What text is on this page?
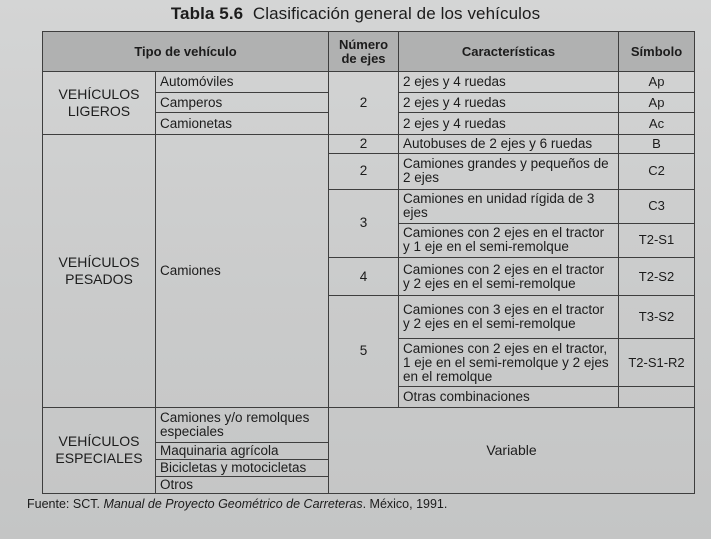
Tabla 5.6 Clasificación general de los vehículos
Tipo de vehículo		Número de ejes	Características	Símbolo
VEHÍCULOS LIGEROS	Automóviles	2	2 ejes y 4 ruedas	Ap
	Camperos		2 ejes y 4 ruedas	Ap
	Camionetas		2 ejes y 4 ruedas	Ac
VEHÍCULOS PESADOS	Camiones	2	Autobuses de 2 ejes y 6 ruedas	B
		2	Camiones grandes y pequeños de 2 ejes	C2
		3	Camiones en unidad rígida de 3 ejes	C3
			Camiones con 2 ejes en el tractor y 1 eje en el semi-remolque	T2-S1
		4	Camiones con 2 ejes en el tractor y 2 ejes en el semi-remolque	T2-S2
		5	Camiones con 3 ejes en el tractor y 2 ejes en el semi-remolque	T3-S2
			Camiones con 2 ejes en el tractor, 1 eje en el semi-remolque y 2 ejes en el remolque	T2-S1-R2
			Otras combinaciones	
VEHÍCULOS ESPECIALES	Camiones y/o remolques especiales	Variable		
	Maquinaria agrícola			
	Bicicletas y motocicletas			
	Otros			
Fuente: SCT. Manual de Proyecto Geométrico de Carreteras. México, 1991.
